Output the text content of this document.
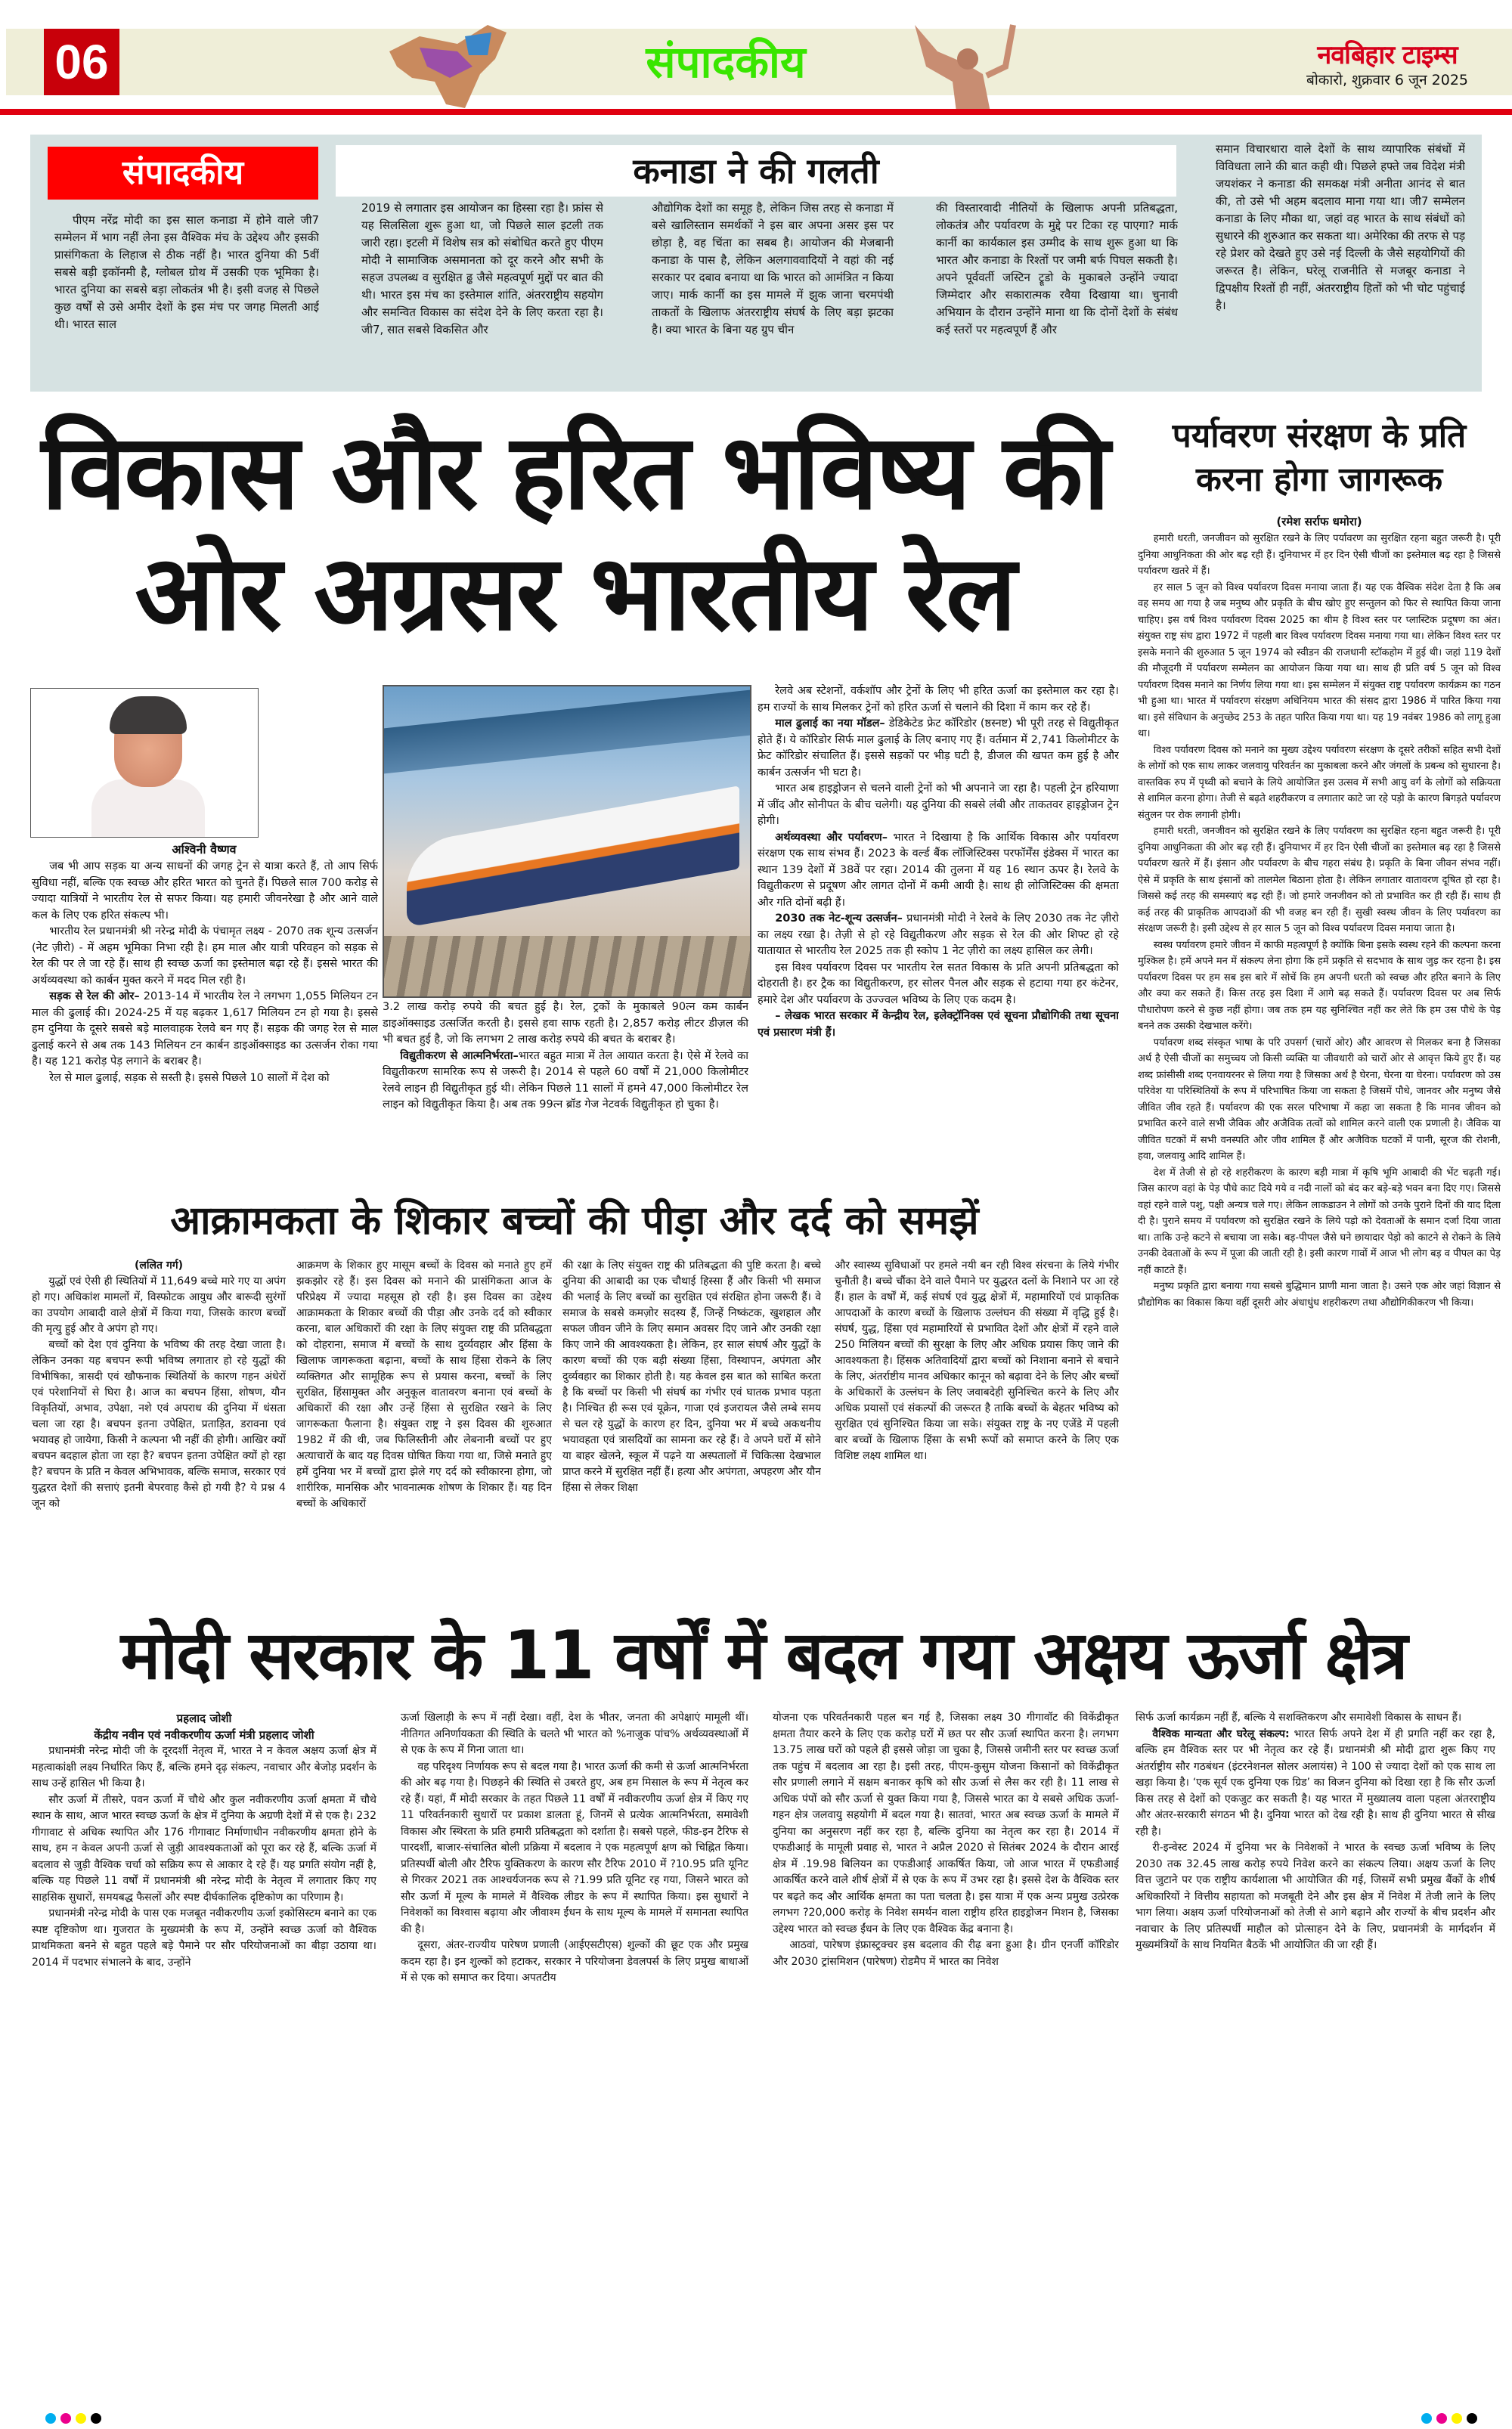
06	संपादकीय	नवबिहार टाइम्स
बोकारो, शुक्रवार 6 जून 2025
संपादकीय	कनाडा ने की गलती

पीएम नरेंद्र मोदी का इस साल कनाडा में होने वाले जी7 सम्मेलन में भाग नहीं लेना इस वैश्विक मंच के उद्देश्य और इसकी प्रासंगिकता के लिहाज से ठीक नहीं है। भारत दुनिया की 5वीं सबसे बड़ी इकॉनमी है, ग्लोबल ग्रोथ में उसकी एक भूमिका है। भारत दुनिया का सबसे बड़ा लोकतंत्र भी है। इसी वजह से पिछले कुछ वर्षों से उसे अमीर देशों के इस मंच पर जगह मिलती आई थी। भारत साल

2019 से लगातार इस आयोजन का हिस्सा रहा है। फ्रांस से यह सिलसिला शुरू हुआ था, जो पिछले साल इटली तक जारी रहा। इटली में विशेष सत्र को संबोधित करते हुए पीएम मोदी ने सामाजिक असमानता को दूर करने और सभी के सहज उपलब्ध व सुरक्षित ढ्ढ जैसे महत्वपूर्ण मुद्दों पर बात की थी। भारत इस मंच का इस्तेमाल शांति, अंतरराष्ट्रीय सहयोग और समन्वित विकास का संदेश देने के लिए करता रहा है। जी7, सात सबसे विकसित और

औद्योगिक देशों का समूह है, लेकिन जिस तरह से कनाडा में बसे खालिस्तान समर्थकों ने इस बार अपना असर इस पर छोड़ा है, वह चिंता का सबब है। आयोजन की मेजबानी कनाडा के पास है, लेकिन अलगाववादियों ने वहां की नई सरकार पर दबाव बनाया था कि भारत को आमंत्रित न किया जाए। मार्क कार्नी का इस मामले में झुक जाना चरमपंथी ताकतों के खिलाफ अंतरराष्ट्रीय संघर्ष के लिए बड़ा झटका है। क्या भारत के बिना यह ग्रुप चीन

की विस्तारवादी नीतियों के खिलाफ अपनी प्रतिबद्धता, लोकतंत्र और पर्यावरण के मुद्दे पर टिका रह पाएगा? मार्क कार्नी का कार्यकाल इस उम्मीद के साथ शुरू हुआ था कि भारत और कनाडा के रिश्तों पर जमी बर्फ पिघल सकती है। अपने पूर्ववर्ती जस्टिन ट्रूडो के मुकाबले उन्होंने ज्यादा जिम्मेदार और सकारात्मक रवैया दिखाया था। चुनावी अभियान के दौरान उन्होंने माना था कि दोनों देशों के संबंध कई स्तरों पर महत्वपूर्ण हैं और

समान विचारधारा वाले देशों के साथ व्यापारिक संबंधों में विविधता लाने की बात कही थी। पिछले हफ्ते जब विदेश मंत्री जयशंकर ने कनाडा की समकक्ष मंत्री अनीता आनंद से बात की, तो उसे भी अहम बदलाव माना गया था। जी7 सम्मेलन कनाडा के लिए मौका था, जहां वह भारत के साथ संबंधों को सुधारने की शुरुआत कर सकता था। अमेरिका की तरफ से पड़ रहे प्रेशर को देखते हुए उसे नई दिल्ली के जैसे सहयोगियों की जरूरत है। लेकिन, घरेलू राजनीति से मजबूर कनाडा ने द्विपक्षीय रिश्तों ही नहीं, अंतरराष्ट्रीय हितों को भी चोट पहुंचाई है।

विकास और हरित भविष्य की
ओर अग्रसर भारतीय रेल
अश्विनी वैष्णव

जब भी आप सड़क या अन्य साधनों की जगह ट्रेन से यात्रा करते हैं, तो आप सिर्फ सुविधा नहीं, बल्कि एक स्वच्छ और हरित भारत को चुनते हैं। पिछले साल 700 करोड़ से ज्यादा यात्रियों ने भारतीय रेल से सफर किया। यह हमारी जीवनरेखा है और आने वाले कल के लिए एक हरित संकल्प भी।

भारतीय रेल प्रधानमंत्री श्री नरेन्द्र मोदी के पंचामृत लक्ष्य - 2070 तक शून्य उत्सर्जन (नेट ज़ीरो) - में अहम भूमिका निभा रही है। हम माल और यात्री परिवहन को सड़क से रेल की पर ले जा रहे हैं। साथ ही स्वच्छ ऊर्जा का इस्तेमाल बढ़ा रहे हैं। इससे भारत की अर्थव्यवस्था को कार्बन मुक्त करने में मदद मिल रही है।

सड़क से रेल की ओर– 2013-14 में भारतीय रेल ने लगभग 1,055 मिलियन टन माल की ढुलाई की। 2024-25 में यह बढ़कर 1,617 मिलियन टन हो गया है। इससे हम दुनिया के दूसरे सबसे बड़े मालवाहक रेलवे बन गए हैं। सड़क की जगह रेल से माल ढुलाई करने से अब तक 143 मिलियन टन कार्बन डाइऑक्साइड का उत्सर्जन रोका गया है। यह 121 करोड़ पेड़ लगाने के बराबर है।

रेल से माल ढुलाई, सड़क से सस्ती है। इससे पिछले 10 सालों में देश को

3.2 लाख करोड़ रुपये की बचत हुई है। रेल, ट्रकों के मुकाबले 90त्न कम कार्बन डाइऑक्साइड उत्सर्जित करती है। इससे हवा साफ रहती है। 2,857 करोड़ लीटर डीज़ल की भी बचत हुई है, जो कि लगभग 2 लाख करोड़ रुपये की बचत के बराबर है।

विद्युतीकरण से आत्मनिर्भरता–भारत बहुत मात्रा में तेल आयात करता है। ऐसे में रेलवे का विद्युतीकरण सामरिक रूप से जरूरी है। 2014 से पहले 60 वर्षों में 21,000 किलोमीटर रेलवे लाइन ही विद्युतीकृत हुई थी। लेकिन पिछले 11 सालों में हमने 47,000 किलोमीटर रेल लाइन को विद्युतीकृत किया है। अब तक 99त्न ब्रॉड गेज नेटवर्क विद्युतीकृत हो चुका है।

रेलवे अब स्टेशनों, वर्कशॉप और ट्रेनों के लिए भी हरित ऊर्जा का इस्तेमाल कर रहा है। हम राज्यों के साथ मिलकर ट्रेनों को हरित ऊर्जा से चलाने की दिशा में काम कर रहे हैं।

माल ढुलाई का नया मॉडल– डेडिकेटेड फ्रेट कॉरिडोर (ष्ठस्नष्ट) भी पूरी तरह से विद्युतीकृत होते हैं। ये कॉरिडोर सिर्फ माल ढुलाई के लिए बनाए गए हैं। वर्तमान में 2,741 किलोमीटर के फ्रेट कॉरिडोर संचालित हैं। इससे सड़कों पर भीड़ घटी है, डीजल की खपत कम हुई है और कार्बन उत्सर्जन भी घटा है।

भारत अब हाइड्रोजन से चलने वाली ट्रेनों को भी अपनाने जा रहा है। पहली ट्रेन हरियाणा में जींद और सोनीपत के बीच चलेगी। यह दुनिया की सबसे लंबी और ताकतवर हाइड्रोजन ट्रेन होगी।

अर्थव्यवस्था और पर्यावरण– भारत ने दिखाया है कि आर्थिक विकास और पर्यावरण संरक्षण एक साथ संभव हैं। 2023 के वर्ल्ड बैंक लॉजिस्टिक्स परफॉर्मेंस इंडेक्स में भारत का स्थान 139 देशों में 38वें पर रहा। 2014 की तुलना में यह 16 स्थान ऊपर है। रेलवे के विद्युतीकरण से प्रदूषण और लागत दोनों में कमी आयी है। साथ ही लोजिस्टिक्स की क्षमता और गति दोनों बढ़ी हैं।

2030 तक नेट-शून्य उत्सर्जन– प्रधानमंत्री मोदी ने रेलवे के लिए 2030 तक नेट ज़ीरो का लक्ष्य रखा है। तेज़ी से हो रहे विद्युतीकरण और सड़क से रेल की ओर शिफ्ट हो रहे यातायात से भारतीय रेल 2025 तक ही स्कोप 1 नेट ज़ीरो का लक्ष्य हासिल कर लेगी।

इस विश्व पर्यावरण दिवस पर भारतीय रेल सतत विकास के प्रति अपनी प्रतिबद्धता को दोहराती है। हर ट्रैक का विद्युतीकरण, हर सोलर पैनल और सड़क से हटाया गया हर कंटेनर, हमारे देश और पर्यावरण के उज्ज्वल भविष्य के लिए एक कदम है।

– लेखक भारत सरकार में केन्द्रीय रेल, इलेक्ट्रॉनिक्स एवं सूचना प्रौद्योगिकी तथा सूचना एवं प्रसारण मंत्री हैं।

पर्यावरण संरक्षण के प्रति करना होगा जागरूक
(रमेश सर्राफ धमोरा)

हमारी धरती, जनजीवन को सुरक्षित रखने के लिए पर्यावरण का सुरक्षित रहना बहुत जरूरी है। पूरी दुनिया आधुनिकता की ओर बढ़ रही हैं। दुनियाभर में हर दिन ऐसी चीजों का इस्तेमाल बढ़ रहा है जिससे पर्यावरण खतरे में हैं।

हर साल 5 जून को विश्व पर्यावरण दिवस मनाया जाता हैं। यह एक वैश्विक संदेश देता है कि अब वह समय आ गया है जब मनुष्य और प्रकृति के बीच खोए हुए सन्तुलन को फिर से स्थापित किया जाना चाहिए। इस वर्ष विश्व पर्यावरण दिवस 2025 का थीम है विश्व स्तर पर प्लास्टिक प्रदूषण का अंत। संयुक्त राष्ट्र संघ द्वारा 1972 में पहली बार विश्व पर्यावरण दिवस मनाया गया था। लेकिन विश्व स्तर पर इसके मनाने की शुरुआत 5 जून 1974 को स्वीडन की राजधानी स्टॉकहोम में हुई थी। जहां 119 देशों की मौजूदगी में पर्यावरण सम्मेलन का आयोजन किया गया था। साथ ही प्रति वर्ष 5 जून को विश्व पर्यावरण दिवस मनाने का निर्णय लिया गया था। इस सम्मेलन में संयुक्त राष्ट्र पर्यावरण कार्यक्रम का गठन भी हुआ था। भारत में पर्यावरण संरक्षण अधिनियम भारत की संसद द्वारा 1986 में पारित किया गया था। इसे संविधान के अनुच्छेद 253 के तहत पारित किया गया था। यह 19 नवंबर 1986 को लागू हुआ था।

विश्व पर्यावरण दिवस को मनाने का मुख्य उद्देश्य पर्यावरण संरक्षण के दूसरे तरीकों सहित सभी देशों के लोगों को एक साथ लाकर जलवायु परिवर्तन का मुकाबला करने और जंगलों के प्रबन्ध को सुधारना है। वास्तविक रुप में पृथ्वी को बचाने के लिये आयोजित इस उत्सव में सभी आयु वर्ग के लोगों को सक्रियता से शामिल करना होगा। तेजी से बढ़ते शहरीकरण व लगातार काटे जा रहे पड़ो के कारण बिगड़ते पर्यावरण संतुलन पर रोक लगानी होगी।

हमारी धरती, जनजीवन को सुरक्षित रखने के लिए पर्यावरण का सुरक्षित रहना बहुत जरूरी है। पूरी दुनिया आधुनिकता की ओर बढ़ रही हैं। दुनियाभर में हर दिन ऐसी चीजों का इस्तेमाल बढ़ रहा है जिससे पर्यावरण खतरे में हैं। इंसान और पर्यावरण के बीच गहरा संबंध है। प्रकृति के बिना जीवन संभव नहीं। ऐसे में प्रकृति के साथ इंसानों को तालमेल बिठाना होता है। लेकिन लगातार वातावरण दूषित हो रहा है। जिससे कई तरह की समस्याएं बढ़ रही हैं। जो हमारे जनजीवन को तो प्रभावित कर ही रही हैं। साथ ही कई तरह की प्राकृतिक आपदाओं की भी वजह बन रही हैं। सुखी स्वस्थ जीवन के लिए पर्यावरण का संरक्षण जरूरी है। इसी उद्देश्य से हर साल 5 जून को विश्व पर्यावरण दिवस मनाया जाता है।

स्वस्थ पर्यावरण हमारे जीवन में काफी महत्वपूर्ण है क्योंकि बिना इसके स्वस्थ रहने की कल्पना करना मुश्किल है। हमें अपने मन में संकल्प लेना होगा कि हमें प्रकृति से सदभाव के साथ जुड़ कर रहना है। इस पर्यावरण दिवस पर हम सब इस बारे में सोचें कि हम अपनी धरती को स्वच्छ और हरित बनाने के लिए और क्या कर सकते हैं। किस तरह इस दिशा में आगे बढ़ सकते हैं। पर्यावरण दिवस पर अब सिर्फ पौधारोपण करने से कुछ नहीं होगा। जब तक हम यह सुनिश्चित नहीं कर लेते कि हम उस पौधे के पेड़ बनने तक उसकी देखभाल करेंगे।

पर्यावरण शब्द संस्कृत भाषा के परि उपसर्ग (चारों ओर) और आवरण से मिलकर बना है जिसका अर्थ है ऐसी चीजों का समुच्चय जो किसी व्यक्ति या जीवधारी को चारों ओर से आवृत्त किये हुए हैं। यह शब्द फ्रांसीसी शब्द एनवायरनर से लिया गया है जिसका अर्थ है घेरना, घेरना या घेरना। पर्यावरण को उस परिवेश या परिस्थितियों के रूप में परिभाषित किया जा सकता है जिसमें पौधे, जानवर और मनुष्य जैसे जीवित जीव रहते हैं। पर्यावरण की एक सरल परिभाषा में कहा जा सकता है कि मानव जीवन को प्रभावित करने वाले सभी जैविक और अजैविक तत्वों को शामिल करने वाली एक प्रणाली है। जैविक या जीवित घटकों में सभी वनस्पति और जीव शामिल हैं और अजैविक घटकों में पानी, सूरज की रोशनी, हवा, जलवायु आदि शामिल हैं।

देश में तेजी से हो रहे शहरीकरण के कारण बड़ी मात्रा में कृषि भूमि आबादी की भेंट चढ़ती गई। जिस कारण वहां के पेड़ पौधे काट दिये गये व नदी नालों को बंद कर बड़े-बड़े भवन बना दिए गए। जिससे वहां रहने वाले पशु, पक्षी अन्यत्र चले गए। लेकिन लाकडाउन ने लोगों को उनके पुराने दिनों की याद दिला दी है। पुराने समय में पर्यावरण को सुरक्षित रखने के लिये पड़ो को देवताओं के समान दर्जा दिया जाता था। ताकि उन्हे कटने से बचाया जा सके। बड़-पीपल जैसे घने छायादार पेड़ो को काटने से रोकने के लिये उनकी देवताओं के रूप में पूजा की जाती रही है। इसी कारण गावों में आज भी लोग बड़ व पीपल का पेड़ नहीं काटते हैं।

मनुष्य प्रकृति द्वारा बनाया गया सबसे बुद्धिमान प्राणी माना जाता है। उसने एक ओर जहां विज्ञान से प्रौद्योगिक का विकास किया वहीं दूसरी ओर अंधाधुंध शहरीकरण तथा औद्योगिकीकरण भी किया।

आक्रामकता के शिकार बच्चों की पीड़ा और दर्द को समझें

(ललित गर्ग)

युद्धों एवं ऐसी ही स्थितियों में 11,649 बच्चे मारे गए या अपंग हो गए। अधिकांश मामलों में, विस्फोटक आयुध और बारूदी सुरंगों का उपयोग आबादी वाले क्षेत्रों में किया गया, जिसके कारण बच्चों की मृत्यु हुई और वे अपंग हो गए।

बच्चों को देश एवं दुनिया के भविष्य की तरह देखा जाता है। लेकिन उनका यह बचपन रूपी भविष्य लगातार हो रहे युद्धों की विभीषिका, त्रासदी एवं खौफनाक स्थितियों के कारण गहन अंधेरों एवं परेशानियों से घिरा है। आज का बचपन हिंसा, शोषण, यौन विकृतियों, अभाव, उपेक्षा, नशे एवं अपराध की दुनिया में धंसता चला जा रहा है। बचपन इतना उपेक्षित, प्रताड़ित, डरावना एवं भयावह हो जायेगा, किसी ने कल्पना भी नहीं की होगी। आखिर क्यों बचपन बदहाल होता जा रहा है? बचपन इतना उपेक्षित क्यों हो रहा है? बचपन के प्रति न केवल अभिभावक, बल्कि समाज, सरकार एवं युद्धरत देशों की सत्ताएं इतनी बेपरवाह कैसे हो गयी है? ये प्रश्न 4 जून को

आक्रमण के शिकार हुए मासूम बच्चों के दिवस को मनाते हुए हमें झकझोर रहे हैं। इस दिवस को मनाने की प्रासंगिकता आज के परिप्रेक्ष्य में ज्यादा महसूस हो रही है। इस दिवस का उद्देश्य आक्रामकता के शिकार बच्चों की पीड़ा और उनके दर्द को स्वीकार करना, बाल अधिकारों की रक्षा के लिए संयुक्त राष्ट्र की प्रतिबद्धता को दोहराना, समाज में बच्चों के साथ दुर्व्यवहार और हिंसा के खिलाफ जागरूकता बढ़ाना, बच्चों के साथ हिंसा रोकने के लिए व्यक्तिगत और सामूहिक रूप से प्रयास करना, बच्चों के लिए सुरक्षित, हिंसामुक्त और अनुकूल वातावरण बनाना एवं बच्चों के अधिकारों की रक्षा और उन्हें हिंसा से सुरक्षित रखने के लिए जागरूकता फैलाना है। संयुक्त राष्ट्र ने इस दिवस की शुरुआत 1982 में की थी, जब फिलिस्तीनी और लेबनानी बच्चों पर हुए अत्याचारों के बाद यह दिवस घोषित किया गया था, जिसे मनाते हुए हमें दुनिया भर में बच्चों द्वारा झेले गए दर्द को स्वीकारना होगा, जो शारीरिक, मानसिक और भावनात्मक शोषण के शिकार हैं। यह दिन बच्चों के अधिकारों

की रक्षा के लिए संयुक्त राष्ट्र की प्रतिबद्धता की पुष्टि करता है। बच्चे दुनिया की आबादी का एक चौथाई हिस्सा हैं और किसी भी समाज की भलाई के लिए बच्चों का सुरक्षित एवं संरक्षित होना जरूरी हैं। वे समाज के सबसे कमज़ोर सदस्य हैं, जिन्हें निष्कंटक, खुशहाल और सफल जीवन जीने के लिए समान अवसर दिए जाने और उनकी रक्षा किए जाने की आवश्यकता है। लेकिन, हर साल संघर्ष और युद्धों के कारण बच्चों की एक बड़ी संख्या हिंसा, विस्थापन, अपंगता और दुर्व्यवहार का शिकार होती है। यह केवल इस बात को साबित करता है कि बच्चों पर किसी भी संघर्ष का गंभीर एवं घातक प्रभाव पड़ता है। निश्चित ही रूस एवं यूक्रेन, गाजा एवं इजरायल जैसे लम्बे समय से चल रहे युद्धों के कारण हर दिन, दुनिया भर में बच्चे अकथनीय भयावहता एवं त्रासदियों का सामना कर रहे हैं। वे अपने घरों में सोने या बाहर खेलने, स्कूल में पढ़ने या अस्पतालों में चिकित्सा देखभाल प्राप्त करने में सुरक्षित नहीं हैं। हत्या और अपंगता, अपहरण और यौन हिंसा से लेकर शिक्षा

और स्वास्थ्य सुविधाओं पर हमले नयी बन रही विश्व संरचना के लिये गंभीर चुनौती है। बच्चे चौंका देने वाले पैमाने पर युद्धरत दलों के निशाने पर आ रहे हैं। हाल के वर्षों में, कई संघर्ष एवं युद्ध क्षेत्रों में, महामारियों एवं प्राकृतिक आपदाओं के कारण बच्चों के खिलाफ उल्लंघन की संख्या में वृद्धि हुई है। संघर्ष, युद्ध, हिंसा एवं महामारियों से प्रभावित देशों और क्षेत्रों में रहने वाले 250 मिलियन बच्चों की सुरक्षा के लिए और अधिक प्रयास किए जाने की आवश्यकता है। हिंसक अतिवादियों द्वारा बच्चों को निशाना बनाने से बचाने के लिए, अंतर्राष्टीय मानव अधिकार कानून को बढ़ावा देने के लिए और बच्चों के अधिकारों के उल्लंघन के लिए जवाबदेही सुनिश्चित करने के लिए और अधिक प्रयासों एवं संकल्पों की जरूरत है ताकि बच्चों के बेहतर भविष्य को सुरक्षित एवं सुनिश्चित किया जा सके। संयुक्त राष्ट्र के नए एजेंडे में पहली बार बच्चों के खिलाफ हिंसा के सभी रूपों को समाप्त करने के लिए एक विशिष्ट लक्ष्य शामिल था।

मोदी सरकार के 11 वर्षों में बदल गया अक्षय ऊर्जा क्षेत्र
प्रहलाद जोशी
केंद्रीय नवीन एवं नवीकरणीय ऊर्जा मंत्री प्रहलाद जोशी

प्रधानमंत्री नरेन्द्र मोदी जी के दूरदर्शी नेतृत्व में, भारत ने न केवल अक्षय ऊर्जा क्षेत्र में महत्वाकांक्षी लक्ष्य निर्धारित किए हैं, बल्कि हमने दृढ़ संकल्प, नवाचार और बेजोड़ प्रदर्शन के साथ उन्हें हासिल भी किया है।

सौर ऊर्जा में तीसरे, पवन ऊर्जा में चौथे और कुल नवीकरणीय ऊर्जा क्षमता में चौथे स्थान के साथ, आज भारत स्वच्छ ऊर्जा के क्षेत्र में दुनिया के अग्रणी देशों में से एक है। 232 गीगावाट से अधिक स्थापित और 176 गीगावाट निर्माणाधीन नवीकरणीय क्षमता होने के साथ, हम न केवल अपनी ऊर्जा से जुड़ी आवश्यकताओं को पूरा कर रहे हैं, बल्कि ऊर्जा में बदलाव से जुड़ी वैश्विक चर्चा को सक्रिय रूप से आकार दे रहे हैं। यह प्रगति संयोग नहीं है, बल्कि यह पिछले 11 वर्षों में प्रधानमंत्री श्री नरेन्द्र मोदी के नेतृत्व में लगातार किए गए साहसिक सुधारों, समयबद्ध फैसलों और स्पष्ट दीर्घकालिक दृष्टिकोण का परिणाम है।

प्रधानमंत्री नरेन्द्र मोदी के पास एक मजबूत नवीकरणीय ऊर्जा इकोसिस्टम बनाने का एक स्पष्ट दृष्टिकोण था। गुजरात के मुख्यमंत्री के रूप में, उन्होंने स्वच्छ ऊर्जा को वैश्विक प्राथमिकता बनने से बहुत पहले बड़े पैमाने पर सौर परियोजनाओं का बीड़ा उठाया था। 2014 में पदभार संभालने के बाद, उन्होंने

ऊर्जा खिलाड़ी के रूप में नहीं देखा। वहीं, देश के भीतर, जनता की अपेक्षाएं मामूली थीं। नीतिगत अनिर्णायकता की स्थिति के चलते भी भारत को %नाजुक पांच% अर्थव्यवस्थाओं में से एक के रूप में गिना जाता था।

वह परिदृश्य निर्णायक रूप से बदल गया है। भारत ऊर्जा की कमी से ऊर्जा आत्मनिर्भरता की ओर बढ़ गया है। पिछड़ने की स्थिति से उबरते हुए, अब हम मिसाल के रूप में नेतृत्व कर रहे हैं। यहां, मैं मोदी सरकार के तहत पिछले 11 वर्षों में नवीकरणीय ऊर्जा क्षेत्र में किए गए 11 परिवर्तनकारी सुधारों पर प्रकाश डालता हूं, जिनमें से प्रत्येक आत्मनिर्भरता, समावेशी विकास और स्थिरता के प्रति हमारी प्रतिबद्धता को दर्शाता है। सबसे पहले, फीड-इन टैरिफ से पारदर्शी, बाजार-संचालित बोली प्रक्रिया में बदलाव ने एक महत्वपूर्ण क्षण को चिह्नित किया। प्रतिस्पर्धी बोली और टैरिफ युक्तिकरण के कारण सौर टैरिफ 2010 में ?10.95 प्रति यूनिट से गिरकर 2021 तक आश्चर्यजनक रूप से ?1.99 प्रति यूनिट रह गया, जिसने भारत को सौर ऊर्जा में मूल्य के मामले में वैश्विक लीडर के रूप में स्थापित किया। इस सुधारों ने निवेशकों का विश्वास बढ़ाया और जीवाश्म ईंधन के साथ मूल्य के मामले में समानता स्थापित की है।

दूसरा, अंतर-राज्यीय पारेषण प्रणाली (आईएसटीएस) शुल्कों की छूट एक और प्रमुख कदम रहा है। इन शुल्कों को हटाकर, सरकार ने परियोजना डेवलपर्स के लिए प्रमुख बाधाओं में से एक को समाप्त कर दिया। अपतटीय

योजना एक परिवर्तनकारी पहल बन गई है, जिसका लक्ष्य 30 गीगावॉट की विकेंद्रीकृत क्षमता तैयार करने के लिए एक करोड़ घरों में छत पर सौर ऊर्जा स्थापित करना है। लगभग 13.75 लाख घरों को पहले ही इससे जोड़ा जा चुका है, जिससे जमीनी स्तर पर स्वच्छ ऊर्जा तक पहुंच में बदलाव आ रहा है। इसी तरह, पीएम-कुसुम योजना किसानों को विकेंद्रीकृत सौर प्रणाली लगाने में सक्षम बनाकर कृषि को सौर ऊर्जा से लैस कर रही है। 11 लाख से अधिक पंपों को सौर ऊर्जा से युक्त किया गया है, जिससे भारत का ये सबसे अधिक ऊर्जा-गहन क्षेत्र जलवायु सहयोगी में बदल गया है। सातवां, भारत अब स्वच्छ ऊर्जा के मामले में दुनिया का अनुसरण नहीं कर रहा है, बल्कि दुनिया का नेतृत्व कर रहा है। 2014 में एफडीआई के मामूली प्रवाह से, भारत ने अप्रैल 2020 से सितंबर 2024 के दौरान आरई क्षेत्र में .19.98 बिलियन का एफडीआई आकर्षित किया, जो आज भारत में एफडीआई आकर्षित करने वाले शीर्ष क्षेत्रों में से एक के रूप में उभर रहा है। इससे देश के वैश्विक स्तर पर बढ़ते कद और आर्थिक क्षमता का पता चलता है। इस यात्रा में एक अन्य प्रमुख उत्प्रेरक लगभग ?20,000 करोड़ के निवेश समर्थन वाला राष्ट्रीय हरित हाइड्रोजन मिशन है, जिसका उद्देश्य भारत को स्वच्छ ईंधन के लिए एक वैश्विक केंद्र बनाना है।

आठवां, पारेषण इंफ्रास्ट्रक्चर इस बदलाव की रीढ़ बना हुआ है। ग्रीन एनर्जी कॉरिडोर और 2030 ट्रांसमिशन (पारेषण) रोडमैप में भारत का निवेश

सिर्फ ऊर्जा कार्यक्रम नहीं हैं, बल्कि ये सशक्तिकरण और समावेशी विकास के साधन हैं।

वैश्विक मान्यता और घरेलू संकल्प: भारत सिर्फ अपने देश में ही प्रगति नहीं कर रहा है, बल्कि हम वैश्विक स्तर पर भी नेतृत्व कर रहे हैं। प्रधानमंत्री श्री मोदी द्वारा शुरू किए गए अंतर्राष्ट्रीय सौर गठबंधन (इंटरनेशनल सोलर अलायंस) ने 100 से ज्यादा देशों को एक साथ ला खड़ा किया है। ‘एक सूर्य एक दुनिया एक ग्रिड’ का विजन दुनिया को दिखा रहा है कि सौर ऊर्जा किस तरह से देशों को एकजुट कर सकती है। यह भारत में मुख्यालय वाला पहला अंतरराष्ट्रीय और अंतर-सरकारी संगठन भी है। दुनिया भारत को देख रही है। साथ ही दुनिया भारत से सीख रही है।

री-इन्वेस्ट 2024 में दुनिया भर के निवेशकों ने भारत के स्वच्छ ऊर्जा भविष्य के लिए 2030 तक 32.45 लाख करोड़ रुपये निवेश करने का संकल्प लिया। अक्षय ऊर्जा के लिए वित्त जुटाने पर एक राष्ट्रीय कार्यशाला भी आयोजित की गई, जिसमें सभी प्रमुख बैंकों के शीर्ष अधिकारियों ने वित्तीय सहायता को मजबूती देने और इस क्षेत्र में निवेश में तेजी लाने के लिए भाग लिया। अक्षय ऊर्जा परियोजनाओं को तेजी से आगे बढ़ाने और राज्यों के बीच प्रदर्शन और नवाचार के लिए प्रतिस्पर्धी माहौल को प्रोत्साहन देने के लिए, प्रधानमंत्री के मार्गदर्शन में मुख्यमंत्रियों के साथ नियमित बैठकें भी आयोजित की जा रही हैं।
